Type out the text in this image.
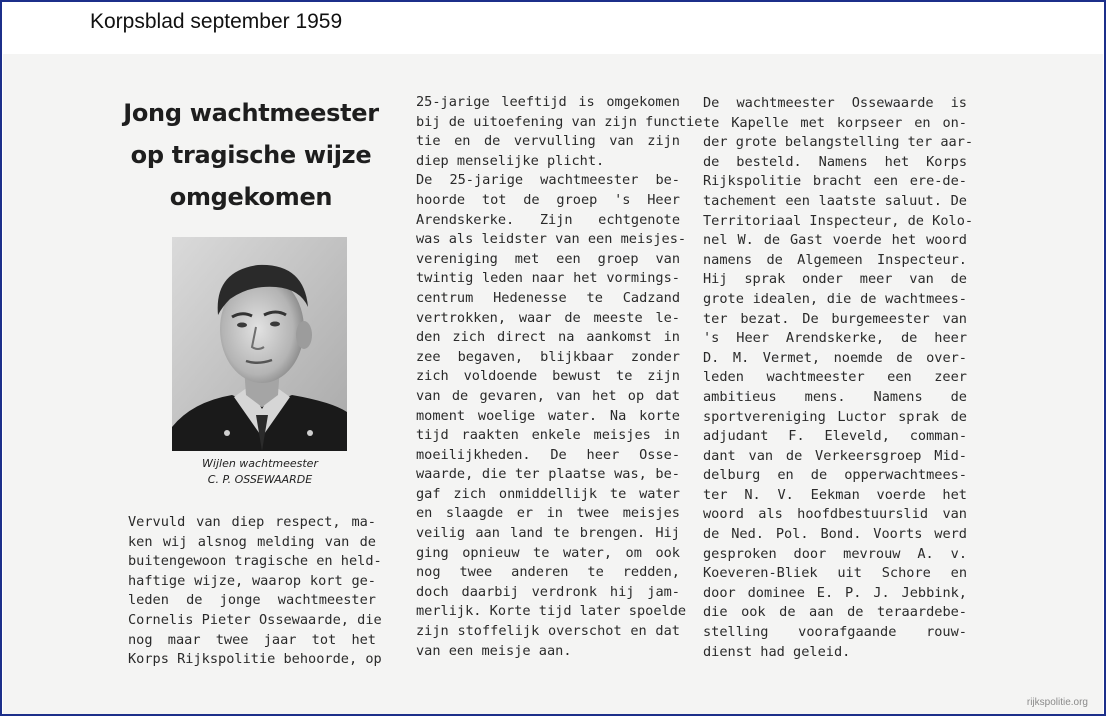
Korpsblad september 1959
Jong wachtmeester
op tragische wijze
omgekomen
Wijlen wachtmeester
C. P. OSSEWAARDE
Vervuld van diep respect, ma-
ken wij alsnog melding van de
buitengewoon tragische en held-
haftige wijze, waarop kort ge-
leden de jonge wachtmeester
Cornelis Pieter Ossewaarde, die
nog maar twee jaar tot het
Korps Rijkspolitie behoorde, op
25-jarige leeftijd is omgekomen
bij de uitoefening van zijn functie
tie en de vervulling van zijn
diep menselijke plicht.
De 25-jarige wachtmeester be-
hoorde tot de groep 's Heer
Arendskerke. Zijn echtgenote
was als leidster van een meisjes-
vereniging met een groep van
twintig leden naar het vormings-
centrum Hedenesse te Cadzand
vertrokken, waar de meeste le-
den zich direct na aankomst in
zee begaven, blijkbaar zonder
zich voldoende bewust te zijn
van de gevaren, van het op dat
moment woelige water. Na korte
tijd raakten enkele meisjes in
moeilijkheden. De heer Osse-
waarde, die ter plaatse was, be-
gaf zich onmiddellijk te water
en slaagde er in twee meisjes
veilig aan land te brengen. Hij
ging opnieuw te water, om ook
nog twee anderen te redden,
doch daarbij verdronk hij jam-
merlijk. Korte tijd later spoelde
zijn stoffelijk overschot en dat
van een meisje aan.
De wachtmeester Ossewaarde is
te Kapelle met korpseer en on-
der grote belangstelling ter aar-
de besteld. Namens het Korps
Rijkspolitie bracht een ere-de-
tachement een laatste saluut. De
Territoriaal Inspecteur, de Kolo-
nel W. de Gast voerde het woord
namens de Algemeen Inspecteur.
Hij sprak onder meer van de
grote idealen, die de wachtmees-
ter bezat. De burgemeester van
's Heer Arendskerke, de heer
D. M. Vermet, noemde de over-
leden wachtmeester een zeer
ambitieus mens. Namens de
sportvereniging Luctor sprak de
adjudant F. Eleveld, comman-
dant van de Verkeersgroep Mid-
delburg en de opperwachtmees-
ter N. V. Eekman voerde het
woord als hoofdbestuurslid van
de Ned. Pol. Bond. Voorts werd
gesproken door mevrouw A. v.
Koeveren-Bliek uit Schore en
door dominee E. P. J. Jebbink,
die ook de aan de teraardebe-
stelling voorafgaande rouw-
dienst had geleid.
rijkspolitie.org
